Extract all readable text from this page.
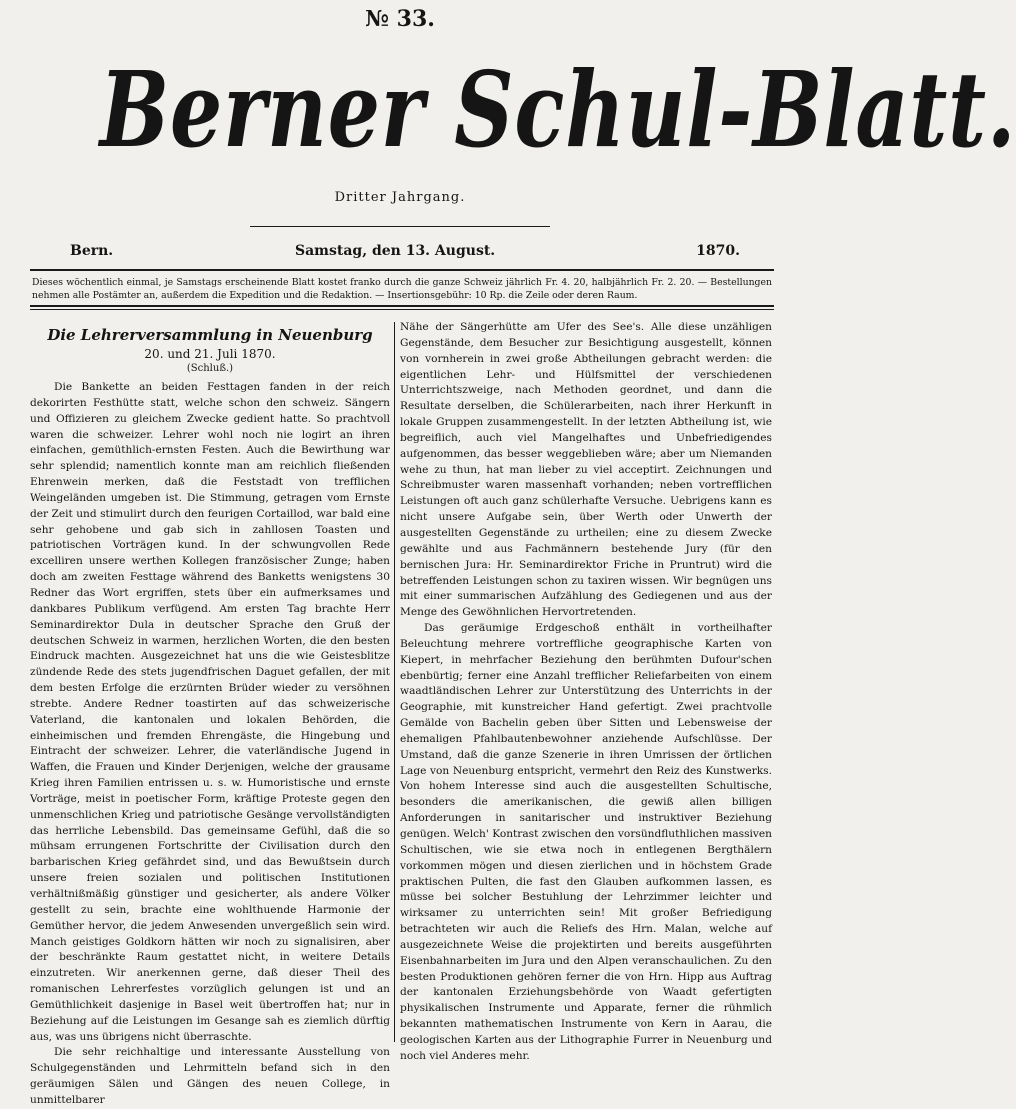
№ 33.
Berner Schul-Blatt.
Dritter Jahrgang.
Bern.	Samstag, den 13. August.	1870.
Dieses wöchentlich einmal, je Samstags erscheinende Blatt kostet franko durch die ganze Schweiz jährlich Fr. 4. 20, halbjährlich Fr. 2. 20. — Bestellungen nehmen alle Postämter an, außerdem die Expedition und die Redaktion. — Insertionsgebühr: 10 Rp. die Zeile oder deren Raum.
Die Lehrerversammlung in Neuenburg
20. und 21. Juli 1870.
(Schluß.)

Die Bankette an beiden Festtagen fanden in der reich dekorirten Festhütte statt, welche schon den schweiz. Sängern und Offizieren zu gleichem Zwecke gedient hatte. So prachtvoll waren die schweizer. Lehrer wohl noch nie logirt an ihren einfachen, gemüthlich-ernsten Festen. Auch die Bewirthung war sehr splendid; namentlich konnte man am reichlich fließenden Ehrenwein merken, daß die Feststadt von trefflichen Weingeländen umgeben ist. Die Stimmung, getragen vom Ernste der Zeit und stimulirt durch den feurigen Cortaillod, war bald eine sehr gehobene und gab sich in zahllosen Toasten und patriotischen Vorträgen kund. In der schwungvollen Rede excelliren unsere werthen Kollegen französischer Zunge; haben doch am zweiten Festtage während des Banketts wenigstens 30 Redner das Wort ergriffen, stets über ein aufmerksames und dankbares Publikum verfügend. Am ersten Tag brachte Herr Seminardirektor Dula in deutscher Sprache den Gruß der deutschen Schweiz in warmen, herzlichen Worten, die den besten Eindruck machten. Ausgezeichnet hat uns die wie Geistesblitze zündende Rede des stets jugendfrischen Daguet gefallen, der mit dem besten Erfolge die erzürnten Brüder wieder zu versöhnen strebte. Andere Redner toastirten auf das schweizerische Vaterland, die kantonalen und lokalen Behörden, die einheimischen und fremden Ehrengäste, die Hingebung und Eintracht der schweizer. Lehrer, die vaterländische Jugend in Waffen, die Frauen und Kinder Derjenigen, welche der grausame Krieg ihren Familien entrissen u. s. w. Humoristische und ernste Vorträge, meist in poetischer Form, kräftige Proteste gegen den unmenschlichen Krieg und patriotische Gesänge vervollständigten das herrliche Lebensbild. Das gemeinsame Gefühl, daß die so mühsam errungenen Fortschritte der Civilisation durch den barbarischen Krieg gefährdet sind, und das Bewußtsein durch unsere freien sozialen und politischen Institutionen verhältnißmäßig günstiger und gesicherter, als andere Völker gestellt zu sein, brachte eine wohlthuende Harmonie der Gemüther hervor, die jedem Anwesenden unvergeßlich sein wird. Manch geistiges Goldkorn hätten wir noch zu signalisiren, aber der beschränkte Raum gestattet nicht, in weitere Details einzutreten. Wir anerkennen gerne, daß dieser Theil des romanischen Lehrerfestes vorzüglich gelungen ist und an Gemüthlichkeit dasjenige in Basel weit übertroffen hat; nur in Beziehung auf die Leistungen im Gesange sah es ziemlich dürftig aus, was uns übrigens nicht überraschte.

Die sehr reichhaltige und interessante Ausstellung von Schulgegenständen und Lehrmitteln befand sich in den geräumigen Sälen und Gängen des neuen College, in unmittelbarer

Nähe der Sängerhütte am Ufer des See's. Alle diese unzähligen Gegenstände, dem Besucher zur Besichtigung ausgestellt, können von vornherein in zwei große Abtheilungen gebracht werden: die eigentlichen Lehr- und Hülfsmittel der verschiedenen Unterrichtszweige, nach Methoden geordnet, und dann die Resultate derselben, die Schülerarbeiten, nach ihrer Herkunft in lokale Gruppen zusammengestellt. In der letzten Abtheilung ist, wie begreiflich, auch viel Mangelhaftes und Unbefriedigendes aufgenommen, das besser weggeblieben wäre; aber um Niemanden wehe zu thun, hat man lieber zu viel acceptirt. Zeichnungen und Schreibmuster waren massenhaft vorhanden; neben vortrefflichen Leistungen oft auch ganz schülerhafte Versuche. Uebrigens kann es nicht unsere Aufgabe sein, über Werth oder Unwerth der ausgestellten Gegenstände zu urtheilen; eine zu diesem Zwecke gewählte und aus Fachmännern bestehende Jury (für den bernischen Jura: Hr. Seminardirektor Friche in Pruntrut) wird die betreffenden Leistungen schon zu taxiren wissen. Wir begnügen uns mit einer summarischen Aufzählung des Gediegenen und aus der Menge des Gewöhnlichen Hervortretenden.

Das geräumige Erdgeschoß enthält in vortheilhafter Beleuchtung mehrere vortreffliche geographische Karten von Kiepert, in mehrfacher Beziehung den berühmten Dufour'schen ebenbürtig; ferner eine Anzahl trefflicher Reliefarbeiten von einem waadtländischen Lehrer zur Unterstützung des Unterrichts in der Geographie, mit kunstreicher Hand gefertigt. Zwei prachtvolle Gemälde von Bachelin geben über Sitten und Lebensweise der ehemaligen Pfahlbautenbewohner anziehende Aufschlüsse. Der Umstand, daß die ganze Szenerie in ihren Umrissen der örtlichen Lage von Neuenburg entspricht, vermehrt den Reiz des Kunstwerks. Von hohem Interesse sind auch die ausgestellten Schultische, besonders die amerikanischen, die gewiß allen billigen Anforderungen in sanitarischer und instruktiver Beziehung genügen. Welch' Kontrast zwischen den vorsündfluthlichen massiven Schultischen, wie sie etwa noch in entlegenen Bergthälern vorkommen mögen und diesen zierlichen und in höchstem Grade praktischen Pulten, die fast den Glauben aufkommen lassen, es müsse bei solcher Bestuhlung der Lehrzimmer leichter und wirksamer zu unterrichten sein! Mit großer Befriedigung betrachteten wir auch die Reliefs des Hrn. Malan, welche auf ausgezeichnete Weise die projektirten und bereits ausgeführten Eisenbahnarbeiten im Jura und den Alpen veranschaulichen. Zu den besten Produktionen gehören ferner die von Hrn. Hipp aus Auftrag der kantonalen Erziehungsbehörde von Waadt gefertigten physikalischen Instrumente und Apparate, ferner die rühmlich bekannten mathematischen Instrumente von Kern in Aarau, die geologischen Karten aus der Lithographie Furrer in Neuenburg und noch viel Anderes mehr.
